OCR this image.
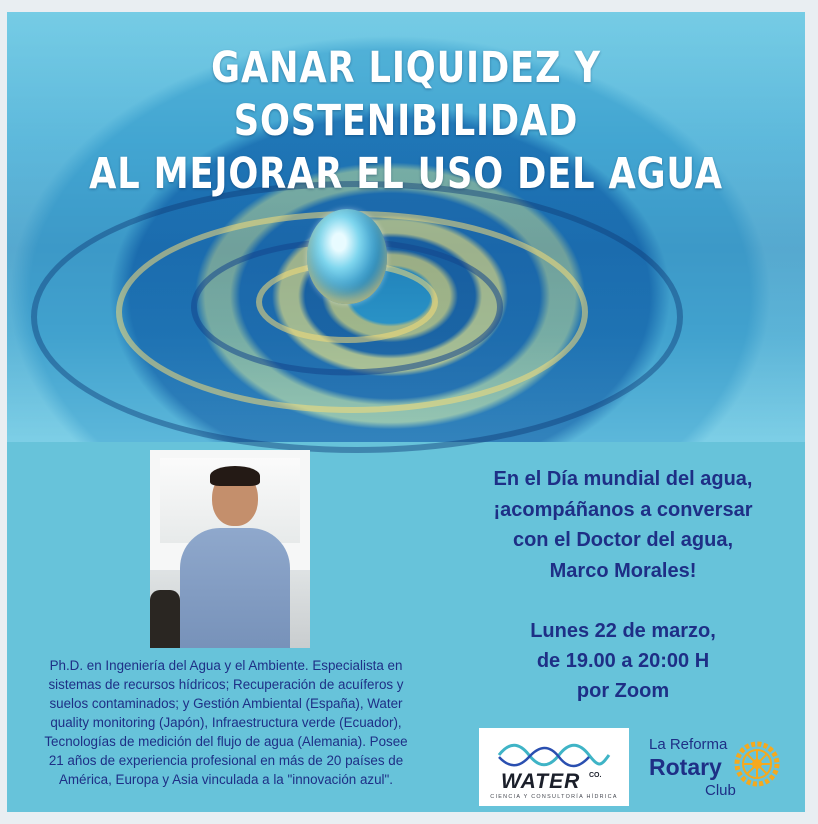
GANAR LIQUIDEZ Y SOSTENIBILIDAD
AL MEJORAR EL USO DEL AGUA
Ph.D. en Ingeniería del Agua y el Ambiente. Especialista en
sistemas de recursos hídricos; Recuperación de acuíferos y
suelos contaminados; y Gestión Ambiental (España), Water
quality monitoring (Japón), Infraestructura verde (Ecuador),
Tecnologías de medición del flujo de agua (Alemania). Posee
21 años de experiencia profesional en más de 20 países de
América, Europa y Asia vinculada a la "innovación azul".
En el Día mundial del agua,
¡acompáñanos a conversar
con el Doctor del agua,
Marco Morales!
Lunes 22 de marzo,
de 19.00 a 20:00 H
por Zoom
WATER CO.
CIENCIA Y CONSULTORÍA HÍDRICA
La Reforma
Rotary
Club
